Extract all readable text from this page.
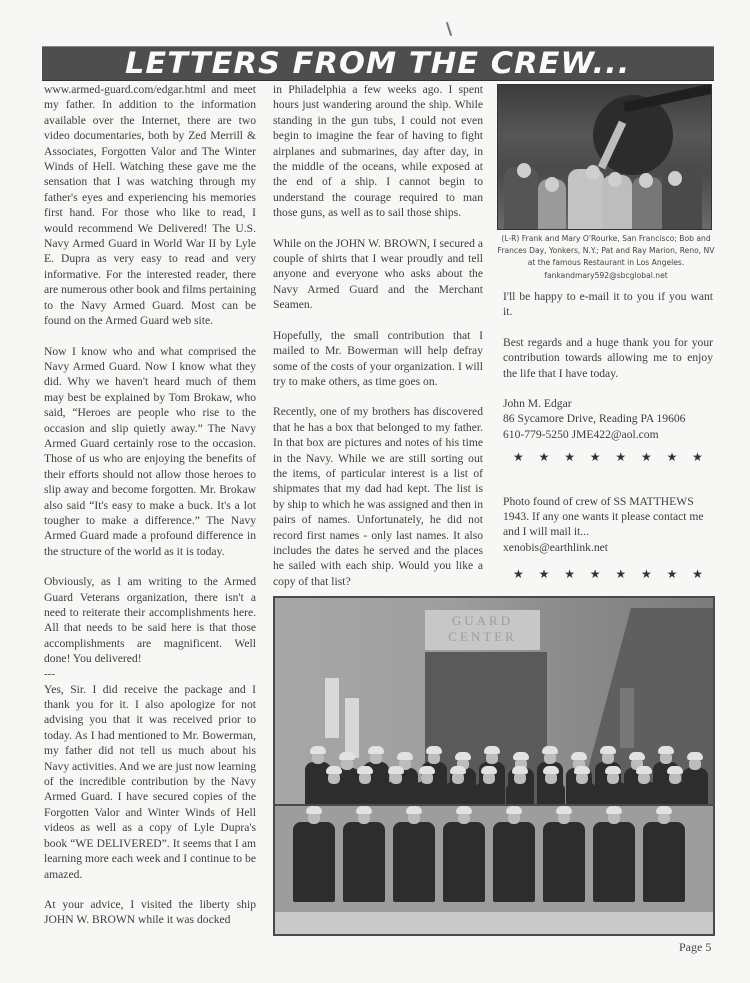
LETTERS FROM THE CREW...

www.armed-guard.com/edgar.html and meet my father. In addition to the information available over the Internet, there are two video documentaries, both by Zed Merrill & Associates, Forgotten Valor and The Winter Winds of Hell. Watching these gave me the sensation that I was watching through my father's eyes and experiencing his memories first hand. For those who like to read, I would recommend We Delivered! The U.S. Navy Armed Guard in World War II by Lyle E. Dupra as very easy to read and very informative. For the interested reader, there are numerous other book and films pertaining to the Navy Armed Guard. Most can be found on the Armed Guard web site.

Now I know who and what comprised the Navy Armed Guard. Now I know what they did. Why we haven't heard much of them may best be explained by Tom Brokaw, who said, “Heroes are people who rise to the occasion and slip quietly away.” The Navy Armed Guard certainly rose to the occasion. Those of us who are enjoying the benefits of their efforts should not allow those heroes to slip away and become forgotten. Mr. Brokaw also said “It's easy to make a buck. It's a lot tougher to make a difference.” The Navy Armed Guard made a profound difference in the structure of the world as it is today.

Obviously, as I am writing to the Armed Guard Veterans organization, there isn't a need to reiterate their accomplishments here. All that needs to be said here is that those accomplishments are magnificent. Well done! You delivered!

---

Yes, Sir. I did receive the package and I thank you for it. I also apologize for not advising you that it was received prior to today. As I had mentioned to Mr. Bowerman, my father did not tell us much about his Navy activities. And we are just now learning of the incredible contribution by the Navy Armed Guard. I have secured copies of the Forgotten Valor and Winter Winds of Hell videos as well as a copy of Lyle Dupra's book “WE DELIVERED”. It seems that I am learning more each week and I continue to be amazed.

At your advice, I visited the liberty ship JOHN W. BROWN while it was docked

in Philadelphia a few weeks ago. I spent hours just wandering around the ship. While standing in the gun tubs, I could not even begin to imagine the fear of having to fight airplanes and submarines, day after day, in the middle of the oceans, while exposed at the end of a ship. I cannot begin to understand the courage required to man those guns, as well as to sail those ships.

While on the JOHN W. BROWN, I secured a couple of shirts that I wear proudly and tell anyone and everyone who asks about the Navy Armed Guard and the Merchant Seamen.

Hopefully, the small contribution that I mailed to Mr. Bowerman will help defray some of the costs of your organization. I will try to make others, as time goes on.

Recently, one of my brothers has discovered that he has a box that belonged to my father. In that box are pictures and notes of his time in the Navy. While we are still sorting out the items, of particular interest is a list of shipmates that my dad had kept. The list is by ship to which he was assigned and then in pairs of names. Unfortunately, he did not record first names - only last names. It also includes the dates he served and the places he sailed with each ship. Would you like a copy of that list?

(L-R) Frank and Mary O'Rourke, San Francisco; Bob and
Frances Day, Yonkers, N.Y.; Pat and Ray Marion, Reno, NV
at the famous Restaurant in Los Angeles.
fankandmary592@sbcglobal.net

I'll be happy to e-mail it to you if you want it.

Best regards and a huge thank you for your contribution towards allowing me to enjoy the life that I have today.

John M. Edgar
86 Sycamore Drive, Reading PA 19606
610-779-5250 JME422@aol.com
★ ★ ★ ★ ★ ★ ★ ★
Photo found of crew of SS MATTHEWS 1943. If any one wants it please contact me and I will mail it...
xenobis@earthlink.net
★ ★ ★ ★ ★ ★ ★ ★
GUARD
CENTER
Page 5
